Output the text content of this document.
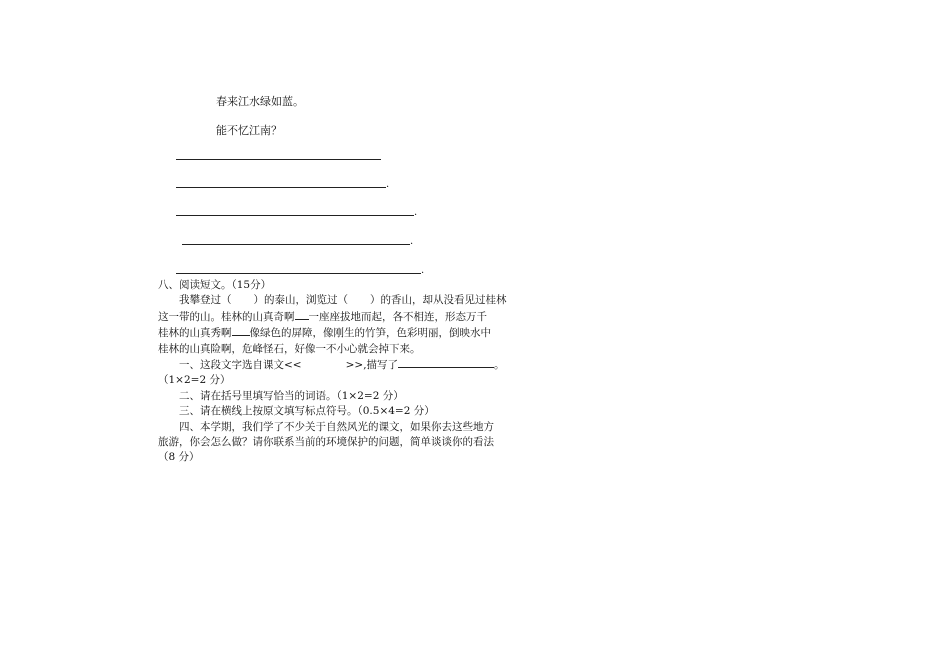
春来江水绿如蓝。
能不忆江南？
.
.
.
.

八、阅读短文。（15分）

我攀登过（ ）的泰山，浏览过（ ）的香山，却从没看见过桂林

这一带的山。桂林的山真奇啊 一座座拔地而起，各不相连，形态万千

桂林的山真秀啊 像绿色的屏障，像刚生的竹笋，色彩明丽，倒映水中

桂林的山真险啊，危峰怪石，好像一不小心就会掉下来。

一、这段文字选自课文<<	>>,描写了	。

（1×2=2 分）

二、请在括号里填写恰当的词语。（1×2=2 分）

三、请在横线上按原文填写标点符号。（0.5×4=2 分）

四、本学期，我们学了不少关于自然风光的课文，如果你去这些地方

旅游，你会怎么做？请你联系当前的环境保护的问题，简单谈谈你的看法

（8 分）
